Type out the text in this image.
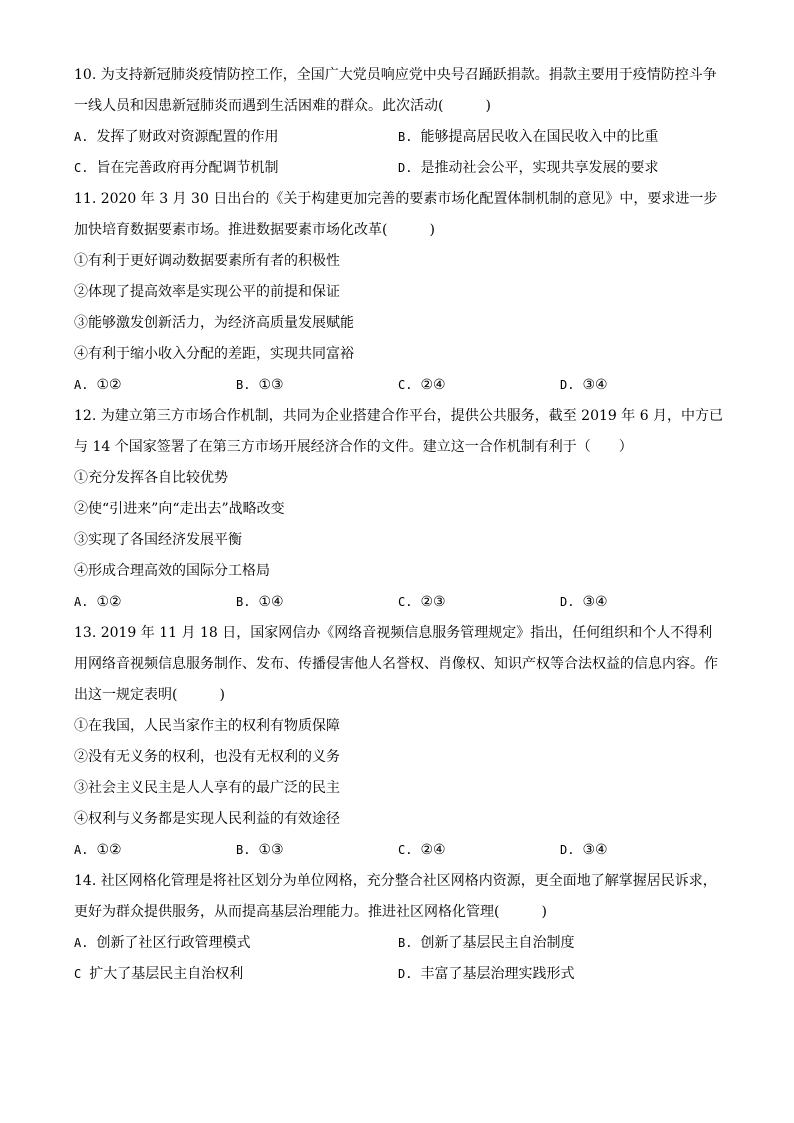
10. 为支持新冠肺炎疫情防控工作，全国广大党员响应党中央号召踊跃捐款。捐款主要用于疫情防控斗争一线人员和因患新冠肺炎而遇到生活困难的群众。此次活动(　　　)

A. 发挥了财政对资源配置的作用	B. 能够提高居民收入在国民收入中的比重
C. 旨在完善政府再分配调节机制	D. 是推动社会公平，实现共享发展的要求

11. 2020 年 3 月 30 日出台的《关于构建更加完善的要素市场化配置体制机制的意见》中，要求进一步加快培育数据要素市场。推进数据要素市场化改革(　　　)

①有利于更好调动数据要素所有者的积极性
②体现了提高效率是实现公平的前提和保证
③能够激发创新活力，为经济高质量发展赋能
④有利于缩小收入分配的差距，实现共同富裕
A. ①②	B. ①③	C. ②④	D. ③④

12. 为建立第三方市场合作机制，共同为企业搭建合作平台，提供公共服务，截至 2019 年 6 月，中方已与 14 个国家签署了在第三方市场开展经济合作的文件。建立这一合作机制有利于（　　）

①充分发挥各自比较优势
②使“引进来”向“走出去”战略改变
③实现了各国经济发展平衡
④形成合理高效的国际分工格局
A. ①②	B. ①④	C. ②③	D. ③④

13. 2019 年 11 月 18 日，国家网信办《网络音视频信息服务管理规定》指出，任何组织和个人不得利用网络音视频信息服务制作、发布、传播侵害他人名誉权、肖像权、知识产权等合法权益的信息内容。作出这一规定表明(　　　)

①在我国，人民当家作主的权利有物质保障
②没有无义务的权利，也没有无权利的义务
③社会主义民主是人人享有的最广泛的民主
④权利与义务都是实现人民利益的有效途径
A. ①②	B. ①③	C. ②④	D. ③④

14. 社区网格化管理是将社区划分为单位网格，充分整合社区网格内资源，更全面地了解掌握居民诉求，更好为群众提供服务，从而提高基层治理能力。推进社区网格化管理(　　　)

A. 创新了社区行政管理模式	B. 创新了基层民主自治制度
C 扩大了基层民主自治权利	D. 丰富了基层治理实践形式
